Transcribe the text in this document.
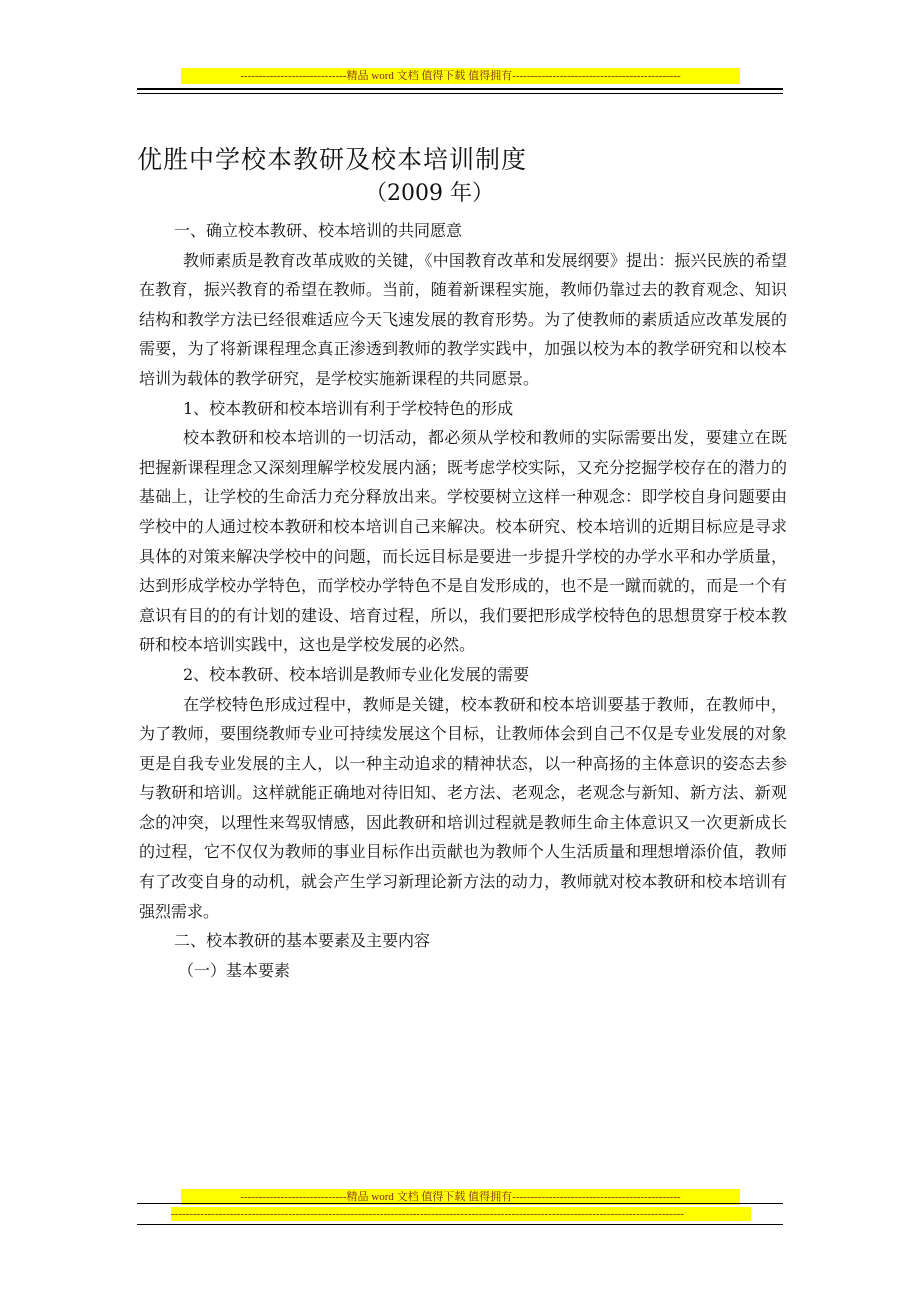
-----------------------------精品 word 文档 值得下载 值得拥有----------------------------------------------
优胜中学校本教研及校本培训制度
（2009 年）

一、确立校本教研、校本培训的共同愿意

教师素质是教育改革成败的关键，《中国教育改革和发展纲要》提出：振兴民族的希望在教育，振兴教育的希望在教师。当前，随着新课程实施，教师仍靠过去的教育观念、知识结构和教学方法已经很难适应今天飞速发展的教育形势。为了使教师的素质适应改革发展的需要，为了将新课程理念真正渗透到教师的教学实践中，加强以校为本的教学研究和以校本培训为载体的教学研究，是学校实施新课程的共同愿景。

1、校本教研和校本培训有利于学校特色的形成

校本教研和校本培训的一切活动，都必须从学校和教师的实际需要出发，要建立在既把握新课程理念又深刻理解学校发展内涵；既考虑学校实际，又充分挖掘学校存在的潜力的基础上，让学校的生命活力充分释放出来。学校要树立这样一种观念：即学校自身问题要由学校中的人通过校本教研和校本培训自己来解决。校本研究、校本培训的近期目标应是寻求具体的对策来解决学校中的问题，而长远目标是要进一步提升学校的办学水平和办学质量，达到形成学校办学特色，而学校办学特色不是自发形成的，也不是一蹴而就的，而是一个有意识有目的的有计划的建设、培育过程，所以，我们要把形成学校特色的思想贯穿于校本教研和校本培训实践中，这也是学校发展的必然。

2、校本教研、校本培训是教师专业化发展的需要

在学校特色形成过程中，教师是关键，校本教研和校本培训要基于教师，在教师中，为了教师，要围绕教师专业可持续发展这个目标，让教师体会到自己不仅是专业发展的对象更是自我专业发展的主人，以一种主动追求的精神状态，以一种高扬的主体意识的姿态去参与教研和培训。这样就能正确地对待旧知、老方法、老观念，老观念与新知、新方法、新观念的冲突，以理性来驾驭情感，因此教研和培训过程就是教师生命主体意识又一次更新成长的过程，它不仅仅为教师的事业目标作出贡献也为教师个人生活质量和理想增添价值，教师有了改变自身的动机，就会产生学习新理论新方法的动力，教师就对校本教研和校本培训有强烈需求。

二、校本教研的基本要素及主要内容

（一）基本要素

-----------------------------精品 word 文档 值得下载 值得拥有----------------------------------------------
--------------------------------------------------------------------------------------------------------------------------------------------
